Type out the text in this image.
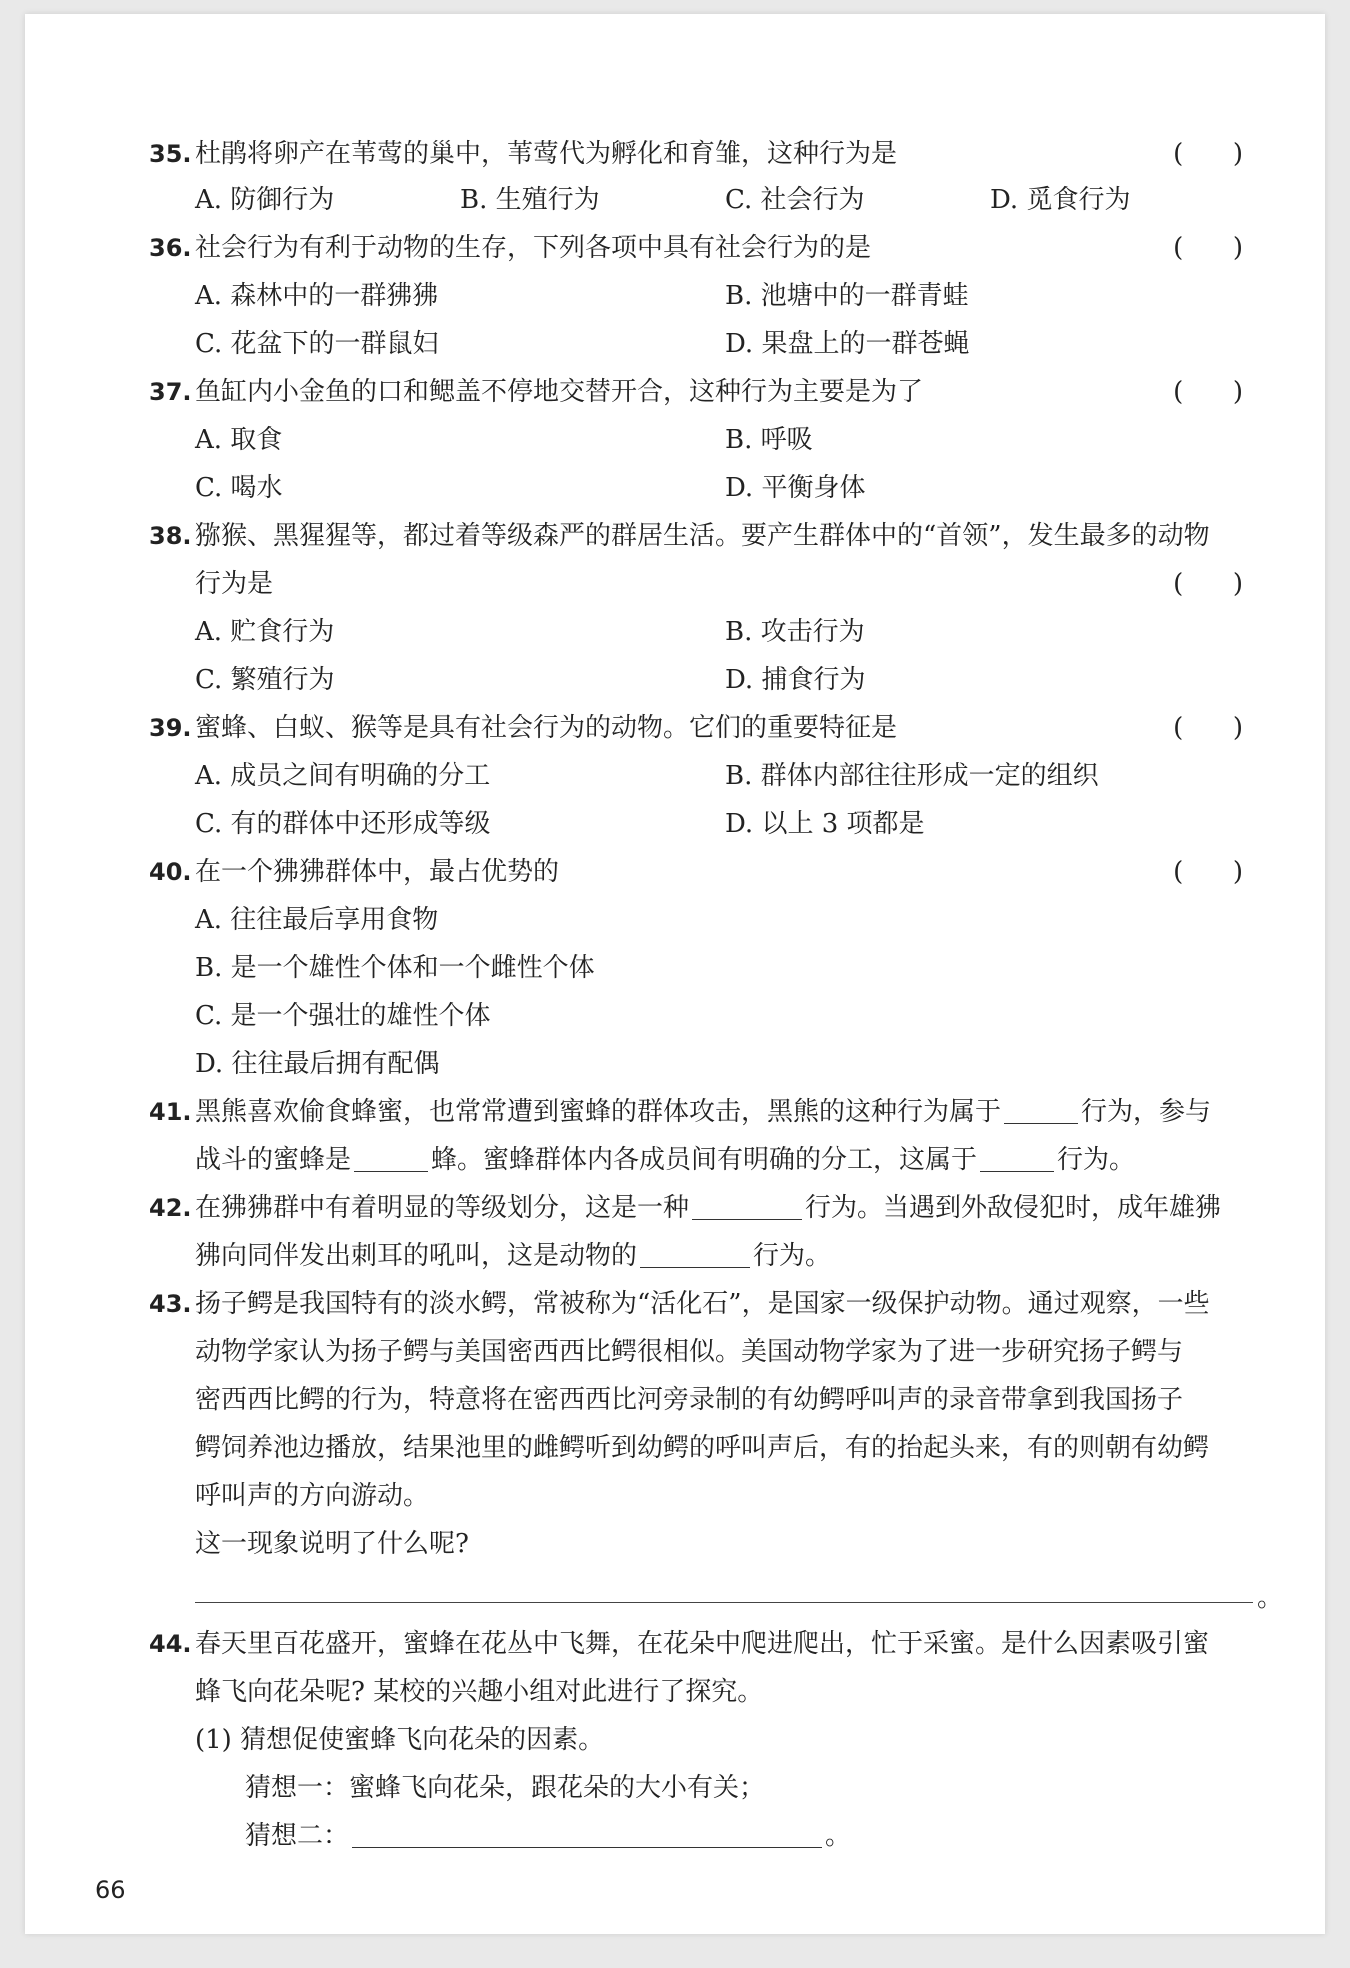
35. 杜鹃将卵产在苇莺的巢中，苇莺代为孵化和育雏，这种行为是	(      )
A. 防御行为	B. 生殖行为	C. 社会行为	D. 觅食行为
36. 社会行为有利于动物的生存，下列各项中具有社会行为的是	(      )
A. 森林中的一群狒狒	B. 池塘中的一群青蛙
C. 花盆下的一群鼠妇	D. 果盘上的一群苍蝇
37. 鱼缸内小金鱼的口和鳃盖不停地交替开合，这种行为主要是为了	(      )
A. 取食	B. 呼吸
C. 喝水	D. 平衡身体
38. 猕猴、黑猩猩等，都过着等级森严的群居生活。要产生群体中的“首领”，发生最多的动物
行为是	(      )
A. 贮食行为	B. 攻击行为
C. 繁殖行为	D. 捕食行为
39. 蜜蜂、白蚁、猴等是具有社会行为的动物。它们的重要特征是	(      )
A. 成员之间有明确的分工	B. 群体内部往往形成一定的组织
C. 有的群体中还形成等级	D. 以上 3 项都是
40. 在一个狒狒群体中，最占优势的	(      )
A. 往往最后享用食物
B. 是一个雄性个体和一个雌性个体
C. 是一个强壮的雄性个体
D. 往往最后拥有配偶
41. 黑熊喜欢偷食蜂蜜，也常常遭到蜜蜂的群体攻击，黑熊的这种行为属于	行为，参与
战斗的蜜蜂是	蜂。蜜蜂群体内各成员间有明确的分工，这属于	行为。
42. 在狒狒群中有着明显的等级划分，这是一种	行为。当遇到外敌侵犯时，成年雄狒
狒向同伴发出刺耳的吼叫，这是动物的	行为。
43. 扬子鳄是我国特有的淡水鳄，常被称为“活化石”，是国家一级保护动物。通过观察，一些
动物学家认为扬子鳄与美国密西西比鳄很相似。美国动物学家为了进一步研究扬子鳄与
密西西比鳄的行为，特意将在密西西比河旁录制的有幼鳄呼叫声的录音带拿到我国扬子
鳄饲养池边播放，结果池里的雌鳄听到幼鳄的呼叫声后，有的抬起头来，有的则朝有幼鳄
呼叫声的方向游动。
这一现象说明了什么呢?
。
44. 春天里百花盛开，蜜蜂在花丛中飞舞，在花朵中爬进爬出，忙于采蜜。是什么因素吸引蜜
蜂飞向花朵呢? 某校的兴趣小组对此进行了探究。
(1) 猜想促使蜜蜂飞向花朵的因素。
猜想一：蜜蜂飞向花朵，跟花朵的大小有关；
猜想二：	。
66
